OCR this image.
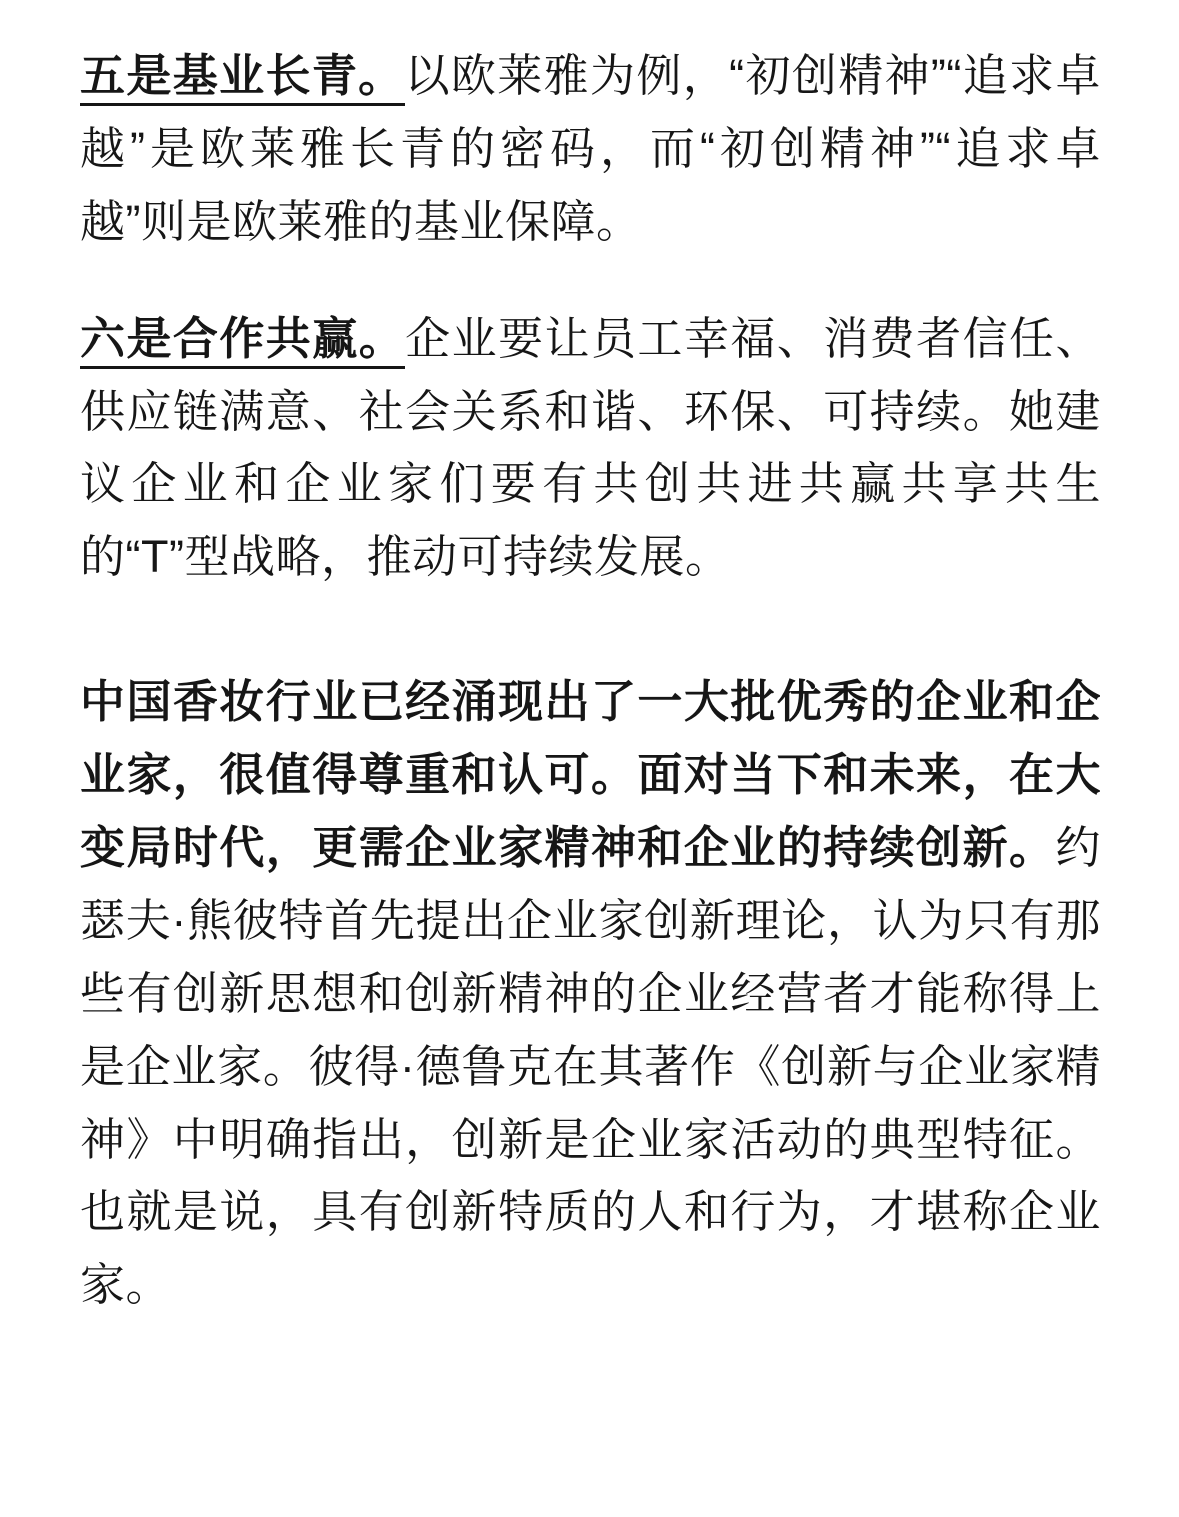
五是基业长青。以欧莱雅为例，“初创精神”“追求卓越”是欧莱雅长青的密码，而“初创精神”“追求卓越”则是欧莱雅的基业保障。

六是合作共赢。企业要让员工幸福、消费者信任、供应链满意、社会关系和谐、环保、可持续。她建议企业和企业家们要有共创共进共赢共享共生的“T”型战略，推动可持续发展。

中国香妆行业已经涌现出了一大批优秀的企业和企业家，很值得尊重和认可。面对当下和未来，在大变局时代，更需企业家精神和企业的持续创新。约瑟夫·熊彼特首先提出企业家创新理论，认为只有那些有创新思想和创新精神的企业经营者才能称得上是企业家。彼得·德鲁克在其著作《创新与企业家精神》中明确指出，创新是企业家活动的典型特征。也就是说，具有创新特质的人和行为，才堪称企业家。
